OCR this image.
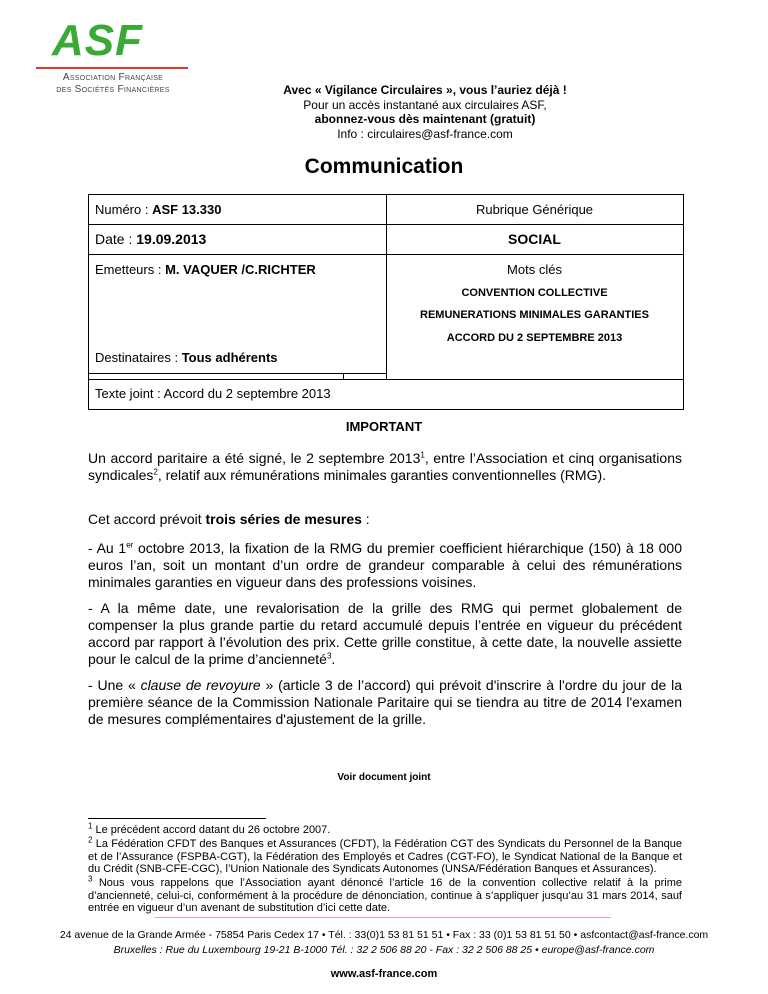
ASF
Association Française
des Sociétés Financières	Avec « Vigilance Circulaires », vous l’auriez déjà !
Pour un accès instantané aux circulaires ASF,
abonnez-vous dès maintenant (gratuit)
Info : circulaires@asf-france.com
Communication
Numéro : ASF 13.330
Date : 19.09.2013
Emetteurs : M. VAQUER /C.RICHTER
Destinataires : Tous adhérents
Texte joint : Accord du 2 septembre 2013
Rubrique Générique
SOCIAL
Mots clés
CONVENTION COLLECTIVE
REMUNERATIONS MINIMALES GARANTIES
ACCORD DU 2 SEPTEMBRE 2013
IMPORTANT
Un accord paritaire a été signé, le 2 septembre 2013$^1$, entre l’Association et cinq organisations syndicales$^2$, relatif aux rémunérations minimales garanties conventionnelles (RMG).
Cet accord prévoit trois séries de mesures :
- Au 1er octobre 2013, la fixation de la RMG du premier coefficient hiérarchique (150) à 18 000 euros l’an, soit un montant d’un ordre de grandeur comparable à celui des rémunérations minimales garanties en vigueur dans des professions voisines.
- A la même date, une revalorisation de la grille des RMG qui permet globalement de compenser la plus grande partie du retard accumulé depuis l’entrée en vigueur du précédent accord par rapport à l’évolution des prix. Cette grille constitue, à cette date, la nouvelle assiette pour le calcul de la prime d’ancienneté$^3$.
- Une « clause de revoyure » (article 3 de l’accord) qui prévoit d'inscrire à l'ordre du jour de la première séance de la Commission Nationale Paritaire qui se tiendra au titre de 2014 l'examen de mesures complémentaires d'ajustement de la grille.
Voir document joint
$^1$ Le précédent accord datant du 26 octobre 2007.
$^2$ La Fédération CFDT des Banques et Assurances (CFDT), la Fédération CGT des Syndicats du Personnel de la Banque et de l’Assurance (FSPBA-CGT), la Fédération des Employés et Cadres (CGT-FO), le Syndicat National de la Banque et du Crédit (SNB-CFE-CGC), l’Union Nationale des Syndicats Autonomes (UNSA/Fédération Banques et Assurances).
$^3$ Nous vous rappelons que l’Association ayant dénoncé l’article 16 de la convention collective relatif à la prime d’ancienneté, celui-ci, conformément à la procédure de dénonciation, continue à s’appliquer jusqu’au 31 mars 2014, sauf entrée en vigueur d’un avenant de substitution d’ici cette date.
24 avenue de la Grande Armée - 75854 Paris Cedex 17 • Tél. : 33(0)1 53 81 51 51 • Fax : 33 (0)1 53 81 51 50 • asfcontact@asf-france.com
Bruxelles : Rue du Luxembourg 19-21 B-1000 Tél. : 32 2 506 88 20 - Fax : 32 2 506 88 25 • europe@asf-france.com
www.asf-france.com
